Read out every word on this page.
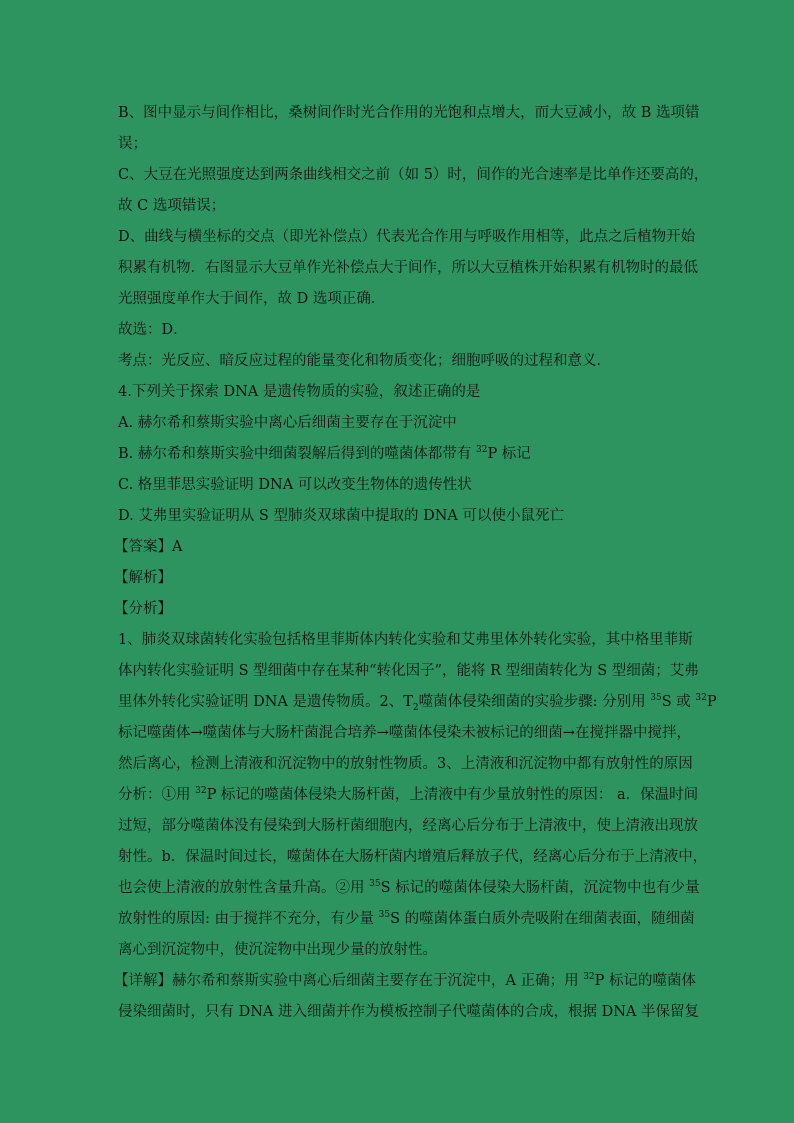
B、图中显示与间作相比，桑树间作时光合作用的光饱和点增大，而大豆减小，故 B 选项错
误；
C、大豆在光照强度达到两条曲线相交之前（如 5）时，间作的光合速率是比单作还要高的，
故 C 选项错误；
D、曲线与横坐标的交点（即光补偿点）代表光合作用与呼吸作用相等，此点之后植物开始
积累有机物．右图显示大豆单作光补偿点大于间作，所以大豆植株开始积累有机物时的最低
光照强度单作大于间作，故 D 选项正确．
故选：D．
考点：光反应、暗反应过程的能量变化和物质变化；细胞呼吸的过程和意义．
4.下列关于探索 DNA 是遗传物质的实验，叙述正确的是
A. 赫尔希和蔡斯实验中离心后细菌主要存在于沉淀中
B. 赫尔希和蔡斯实验中细菌裂解后得到的噬菌体都带有 $^{32}$P 标记
C. 格里菲思实验证明 DNA 可以改变生物体的遗传性状
D. 艾弗里实验证明从 S 型肺炎双球菌中提取的 DNA 可以使小鼠死亡
【答案】A
【解析】
【分析】
1、肺炎双球菌转化实验包括格里菲斯体内转化实验和艾弗里体外转化实验，其中格里菲斯
体内转化实验证明 S 型细菌中存在某种“转化因子”，能将 R 型细菌转化为 S 型细菌；艾弗
里体外转化实验证明 DNA 是遗传物质。2、$T_2$噬菌体侵染细菌的实验步骤: 分别用 $^{35}$S 或 $^{32}$P
标记噬菌体→噬菌体与大肠杆菌混合培养→噬菌体侵染未被标记的细菌→在搅拌器中搅拌，
然后离心，检测上清液和沉淀物中的放射性物质。3、上清液和沉淀物中都有放射性的原因
分析：①用 $^{32}$P 标记的噬菌体侵染大肠杆菌，上清液中有少量放射性的原因： a．保温时间
过短，部分噬菌体没有侵染到大肠杆菌细胞内，经离心后分布于上清液中，使上清液出现放
射性。b．保温时间过长，噬菌体在大肠杆菌内增殖后释放子代，经离心后分布于上清液中，
也会使上清液的放射性含量升高。②用 $^{35}$S 标记的噬菌体侵染大肠杆菌，沉淀物中也有少量
放射性的原因: 由于搅拌不充分，有少量 $^{35}$S 的噬菌体蛋白质外壳吸附在细菌表面，随细菌
离心到沉淀物中，使沉淀物中出现少量的放射性。
【详解】赫尔希和蔡斯实验中离心后细菌主要存在于沉淀中，A 正确；用 $^{32}$P 标记的噬菌体
侵染细菌时，只有 DNA 进入细菌并作为模板控制子代噬菌体的合成，根据 DNA 半保留复
